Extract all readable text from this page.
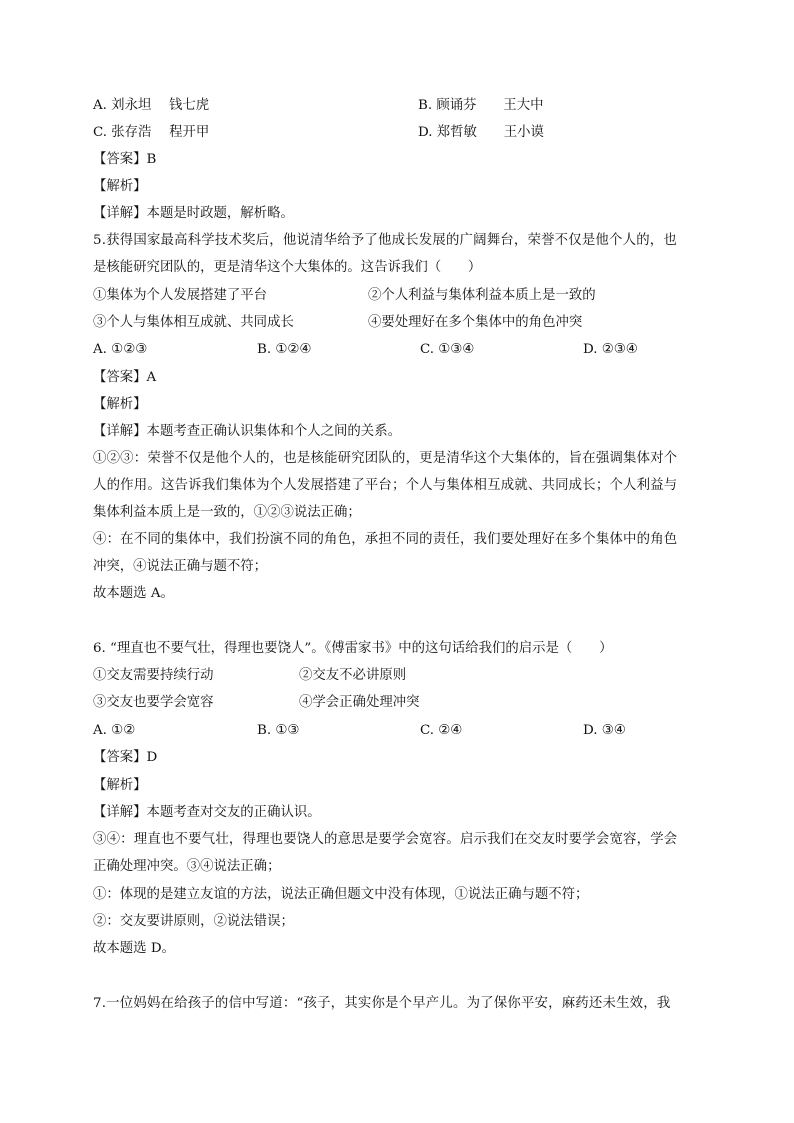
A. 刘永坦　 钱七虎	B. 顾诵芬　　王大中
C. 张存浩　 程开甲	D. 郑哲敏　　王小谟
【答案】B
【解析】
【详解】本题是时政题，解析略。
5.获得国家最高科学技术奖后，他说清华给予了他成长发展的广阔舞台，荣誉不仅是他个人的，也
是核能研究团队的，更是清华这个大集体的。这告诉我们（　　）
①集体为个人发展搭建了平台	②个人利益与集体利益本质上是一致的
③个人与集体相互成就、共同成长	④要处理好在多个集体中的角色冲突
A. ①②③	B. ①②④	C. ①③④	D. ②③④
【答案】A
【解析】
【详解】本题考查正确认识集体和个人之间的关系。
①②③：荣誉不仅是他个人的，也是核能研究团队的，更是清华这个大集体的，旨在强调集体对个
人的作用。这告诉我们集体为个人发展搭建了平台；个人与集体相互成就、共同成长；个人利益与
集体利益本质上是一致的，①②③说法正确；
④：在不同的集体中，我们扮演不同的角色，承担不同的责任，我们要处理好在多个集体中的角色
冲突，④说法正确与题不符；
故本题选 A。
6. “理直也不要气壮，得理也要饶人”。《傅雷家书》中的这句话给我们的启示是（　　）
①交友需要持续行动	②交友不必讲原则
③交友也要学会宽容	④学会正确处理冲突
A. ①②	B. ①③	C. ②④	D. ③④
【答案】D
【解析】
【详解】本题考查对交友的正确认识。
③④：理直也不要气壮，得理也要饶人的意思是要学会宽容。启示我们在交友时要学会宽容，学会
正确处理冲突。③④说法正确；
①：体现的是建立友谊的方法，说法正确但题文中没有体现，①说法正确与题不符；
②：交友要讲原则，②说法错误；
故本题选 D。
7.一位妈妈在给孩子的信中写道：“孩子，其实你是个早产儿。为了保你平安，麻药还未生效，我
